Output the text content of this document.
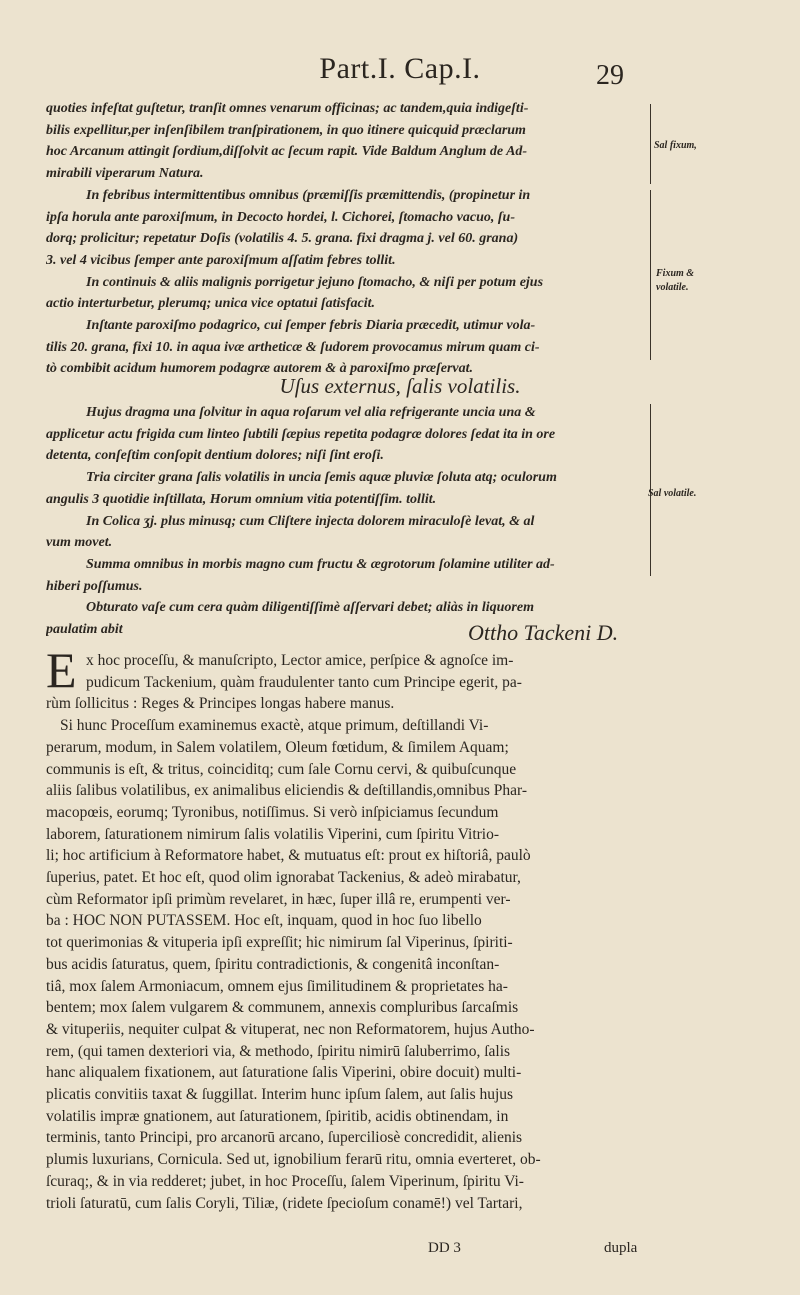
Part.I. Cap.I.	29
quoties infeſtat guſtetur, tranſit omnes venarum officinas; ac tandem,quia indigeſti-
bilis expellitur,per inſenſibilem tranſpirationem, in quo itinere quicquid præclarum
hoc Arcanum attingit ſordium,diſſolvit ac ſecum rapit. Vide Baldum Anglum de Ad-
mirabili viperarum Natura.
In febribus intermittentibus omnibus (præmiſſis præmittendis, (propinetur in
ipſa horula ante paroxiſmum, in Decocto hordei, l. Cichorei, ſtomacho vacuo, ſu-
dorq; prolicitur; repetatur Doſis (volatilis 4. 5. grana. fixi dragma j. vel 60. grana)
3. vel 4 vicibus ſemper ante paroxiſmum aſſatim febres tollit.
In continuis & aliis malignis porrigetur jejuno ſtomacho, & niſi per potum ejus
actio interturbetur, plerumq; unica vice optatui ſatisfacit.
Inſtante paroxiſmo podagrico, cui ſemper febris Diaria præcedit, utimur vola-
tilis 20. grana, fixi 10. in aqua ivæ artheticæ & ſudorem provocamus mirum quam ci-
tò combibit acidum humorem podagræ autorem & à paroxiſmo præſervat.
Sal fixum,
Fixum &
volatile.
Uſus externus, ſalis volatilis.
Hujus dragma una ſolvitur in aqua roſarum vel alia refrigerante uncia una &
applicetur actu frigida cum linteo ſubtili ſæpius repetita podagræ dolores ſedat ita in ore
detenta, conſeſtim conſopit dentium dolores; niſi ſint eroſi.
Tria circiter grana ſalis volatilis in uncia ſemis aquæ pluviæ ſoluta atq; oculorum
angulis 3 quotidie inſtillata, Horum omnium vitia potentiſſim. tollit.
In Colica ʒj. plus minusq; cum Cliſtere injecta dolorem miraculoſè levat, & al
vum movet.
Summa omnibus in morbis magno cum fructu & ægrotorum ſolamine utiliter ad-
hiberi poſſumus.
Obturato vaſe cum cera quàm diligentiſſimè aſſervari debet; aliàs in liquorem
paulatim abit
Sal volatile.
Ottho Tackeni D.
E x hoc proceſſu, & manuſcripto, Lector amice, perſpice & agnoſce im-
pudicum Tackenium, quàm fraudulenter tanto cum Principe egerit, pa-
rùm ſollicitus : Reges & Principes longas habere manus.
Si hunc Proceſſum examinemus exactè, atque primum, deſtillandi Vi-
perarum, modum, in Salem volatilem, Oleum fœtidum, & ſimilem Aquam;
communis is eſt, & tritus, coinciditq; cum ſale Cornu cervi, & quibuſcunque
aliis ſalibus volatilibus, ex animalibus eliciendis & deſtillandis,omnibus Phar-
macopœis, eorumq; Tyronibus, notiſſimus. Si verò inſpiciamus ſecundum
laborem, ſaturationem nimirum ſalis volatilis Viperini, cum ſpiritu Vitrio-
li; hoc artificium à Reformatore habet, & mutuatus eſt: prout ex hiſtoriâ, paulò
ſuperius, patet. Et hoc eſt, quod olim ignorabat Tackenius, & adeò mirabatur,
cùm Reformator ipſi primùm revelaret, in hæc, ſuper illâ re, erumpenti ver-
ba : HOC NON PUTASSEM. Hoc eſt, inquam, quod in hoc ſuo libello
tot querimonias & vituperia ipſi expreſſit; hic nimirum ſal Viperinus, ſpiriti-
bus acidis ſaturatus, quem, ſpiritu contradictionis, & congenitâ inconſtan-
tiâ, mox ſalem Armoniacum, omnem ejus ſimilitudinem & proprietates ha-
bentem; mox ſalem vulgarem & communem, annexis compluribus ſarcaſmis
& vituperiis, nequiter culpat & vituperat, nec non Reformatorem, hujus Autho-
rem, (qui tamen dexteriori via, & methodo, ſpiritu nimirū ſaluberrimo, ſalis
hanc aliqualem fixationem, aut ſaturatione ſalis Viperini, obire docuit) multi-
plicatis convitiis taxat & ſuggillat. Interim hunc ipſum ſalem, aut ſalis hujus
volatilis impræ gnationem, aut ſaturationem, ſpiritib, acidis obtinendam, in
terminis, tanto Principi, pro arcanorū arcano, ſuperciliosè concredidit, alienis
plumis luxurians, Cornicula. Sed ut, ignobilium ferarū ritu, omnia everteret, ob-
ſcuraq;, & in via redderet; jubet, in hoc Proceſſu, ſalem Viperinum, ſpiritu Vi-
trioli ſaturatū, cum ſalis Coryli, Tiliæ, (ridete ſpecioſum conamē!) vel Tartari,
DD 3	dupla
